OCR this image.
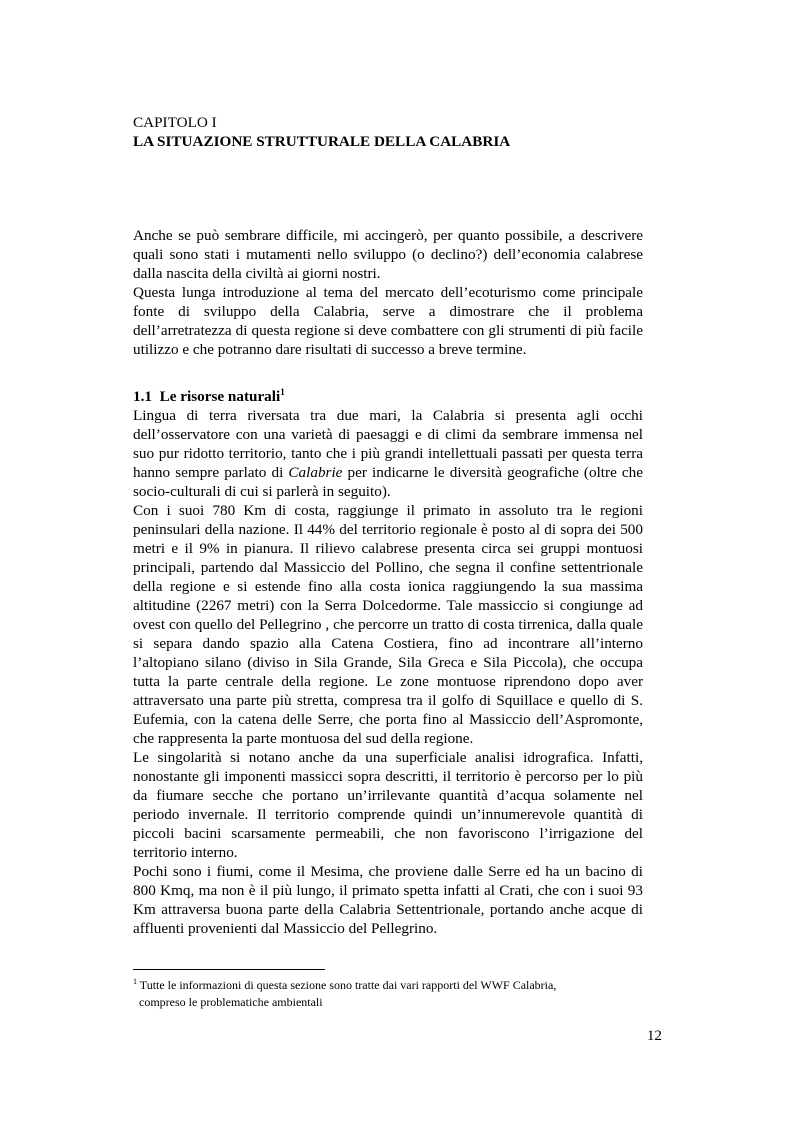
CAPITOLO I
LA SITUAZIONE STRUTTURALE DELLA CALABRIA

Anche se può sembrare difficile, mi accingerò, per quanto possibile, a descrivere quali sono stati i mutamenti nello sviluppo (o declino?) dell’economia calabrese dalla nascita della civiltà ai giorni nostri.

Questa lunga introduzione al tema del mercato dell’ecoturismo come principale fonte di sviluppo della Calabria, serve a dimostrare che il problema dell’arretratezza di questa regione si deve combattere con gli strumenti di più facile utilizzo e che potranno dare risultati di successo a breve termine.

1.1 Le risorse naturali$^1$

Lingua di terra riversata tra due mari, la Calabria si presenta agli occhi dell’osservatore con una varietà di paesaggi e di climi da sembrare immensa nel suo pur ridotto territorio, tanto che i più grandi intellettuali passati per questa terra hanno sempre parlato di Calabrie per indicarne le diversità geografiche (oltre che socio-culturali di cui si parlerà in seguito).

Con i suoi 780 Km di costa, raggiunge il primato in assoluto tra le regioni peninsulari della nazione. Il 44% del territorio regionale è posto al di sopra dei 500 metri e il 9% in pianura. Il rilievo calabrese presenta circa sei gruppi montuosi principali, partendo dal Massiccio del Pollino, che segna il confine settentrionale della regione e si estende fino alla costa ionica raggiungendo la sua massima altitudine (2267 metri) con la Serra Dolcedorme. Tale massiccio si congiunge ad ovest con quello del Pellegrino , che percorre un tratto di costa tirrenica, dalla quale si separa dando spazio alla Catena Costiera, fino ad incontrare all’interno l’altopiano silano (diviso in Sila Grande, Sila Greca e Sila Piccola), che occupa tutta la parte centrale della regione. Le zone montuose riprendono dopo aver attraversato una parte più stretta, compresa tra il golfo di Squillace e quello di S. Eufemia, con la catena delle Serre, che porta fino al Massiccio dell’Aspromonte, che rappresenta la parte montuosa del sud della regione.

Le singolarità si notano anche da una superficiale analisi idrografica. Infatti, nonostante gli imponenti massicci sopra descritti, il territorio è percorso per lo più da fiumare secche che portano un’irrilevante quantità d’acqua solamente nel periodo invernale. Il territorio comprende quindi un’innumerevole quantità di piccoli bacini scarsamente permeabili, che non favoriscono l’irrigazione del territorio interno.

Pochi sono i fiumi, come il Mesima, che proviene dalle Serre ed ha un bacino di 800 Kmq, ma non è il più lungo, il primato spetta infatti al Crati, che con i suoi 93 Km attraversa buona parte della Calabria Settentrionale, portando anche acque di affluenti provenienti dal Massiccio del Pellegrino.

$^1$ Tutte le informazioni di questa sezione sono tratte dai vari rapporti del WWF Calabria,
compreso le problematiche ambientali
12
